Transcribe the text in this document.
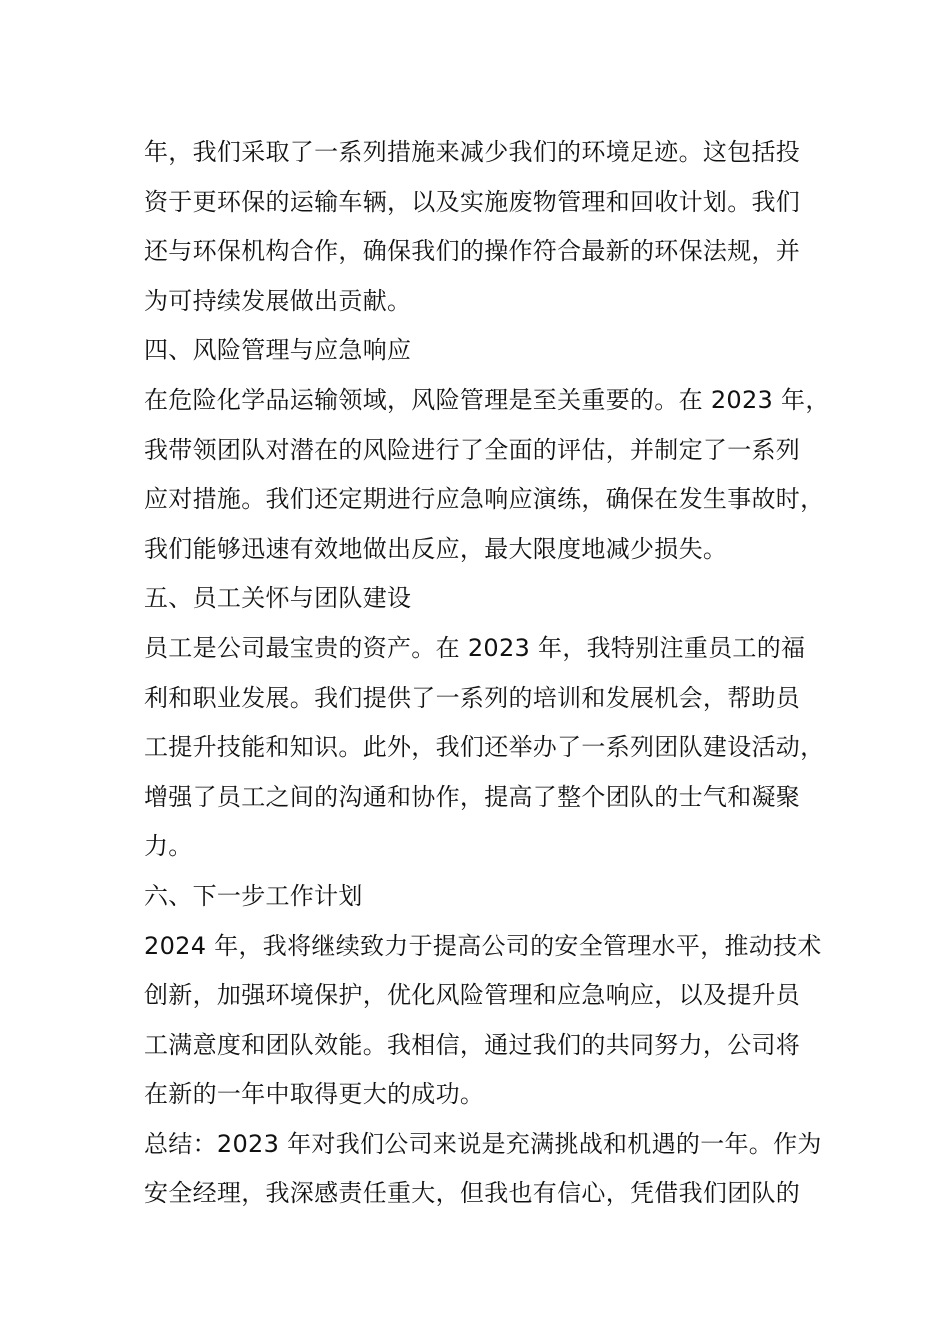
年，我们采取了一系列措施来减少我们的环境足迹。这包括投
资于更环保的运输车辆，以及实施废物管理和回收计划。我们
还与环保机构合作，确保我们的操作符合最新的环保法规，并
为可持续发展做出贡献。
四、风险管理与应急响应
在危险化学品运输领域，风险管理是至关重要的。在 2023 年，
我带领团队对潜在的风险进行了全面的评估，并制定了一系列
应对措施。我们还定期进行应急响应演练，确保在发生事故时，
我们能够迅速有效地做出反应，最大限度地减少损失。
五、员工关怀与团队建设
员工是公司最宝贵的资产。在 2023 年，我特别注重员工的福
利和职业发展。我们提供了一系列的培训和发展机会，帮助员
工提升技能和知识。此外，我们还举办了一系列团队建设活动，
增强了员工之间的沟通和协作，提高了整个团队的士气和凝聚
力。
六、下一步工作计划
2024 年，我将继续致力于提高公司的安全管理水平，推动技术
创新，加强环境保护，优化风险管理和应急响应，以及提升员
工满意度和团队效能。我相信，通过我们的共同努力，公司将
在新的一年中取得更大的成功。
总结：2023 年对我们公司来说是充满挑战和机遇的一年。作为
安全经理，我深感责任重大，但我也有信心，凭借我们团队的
